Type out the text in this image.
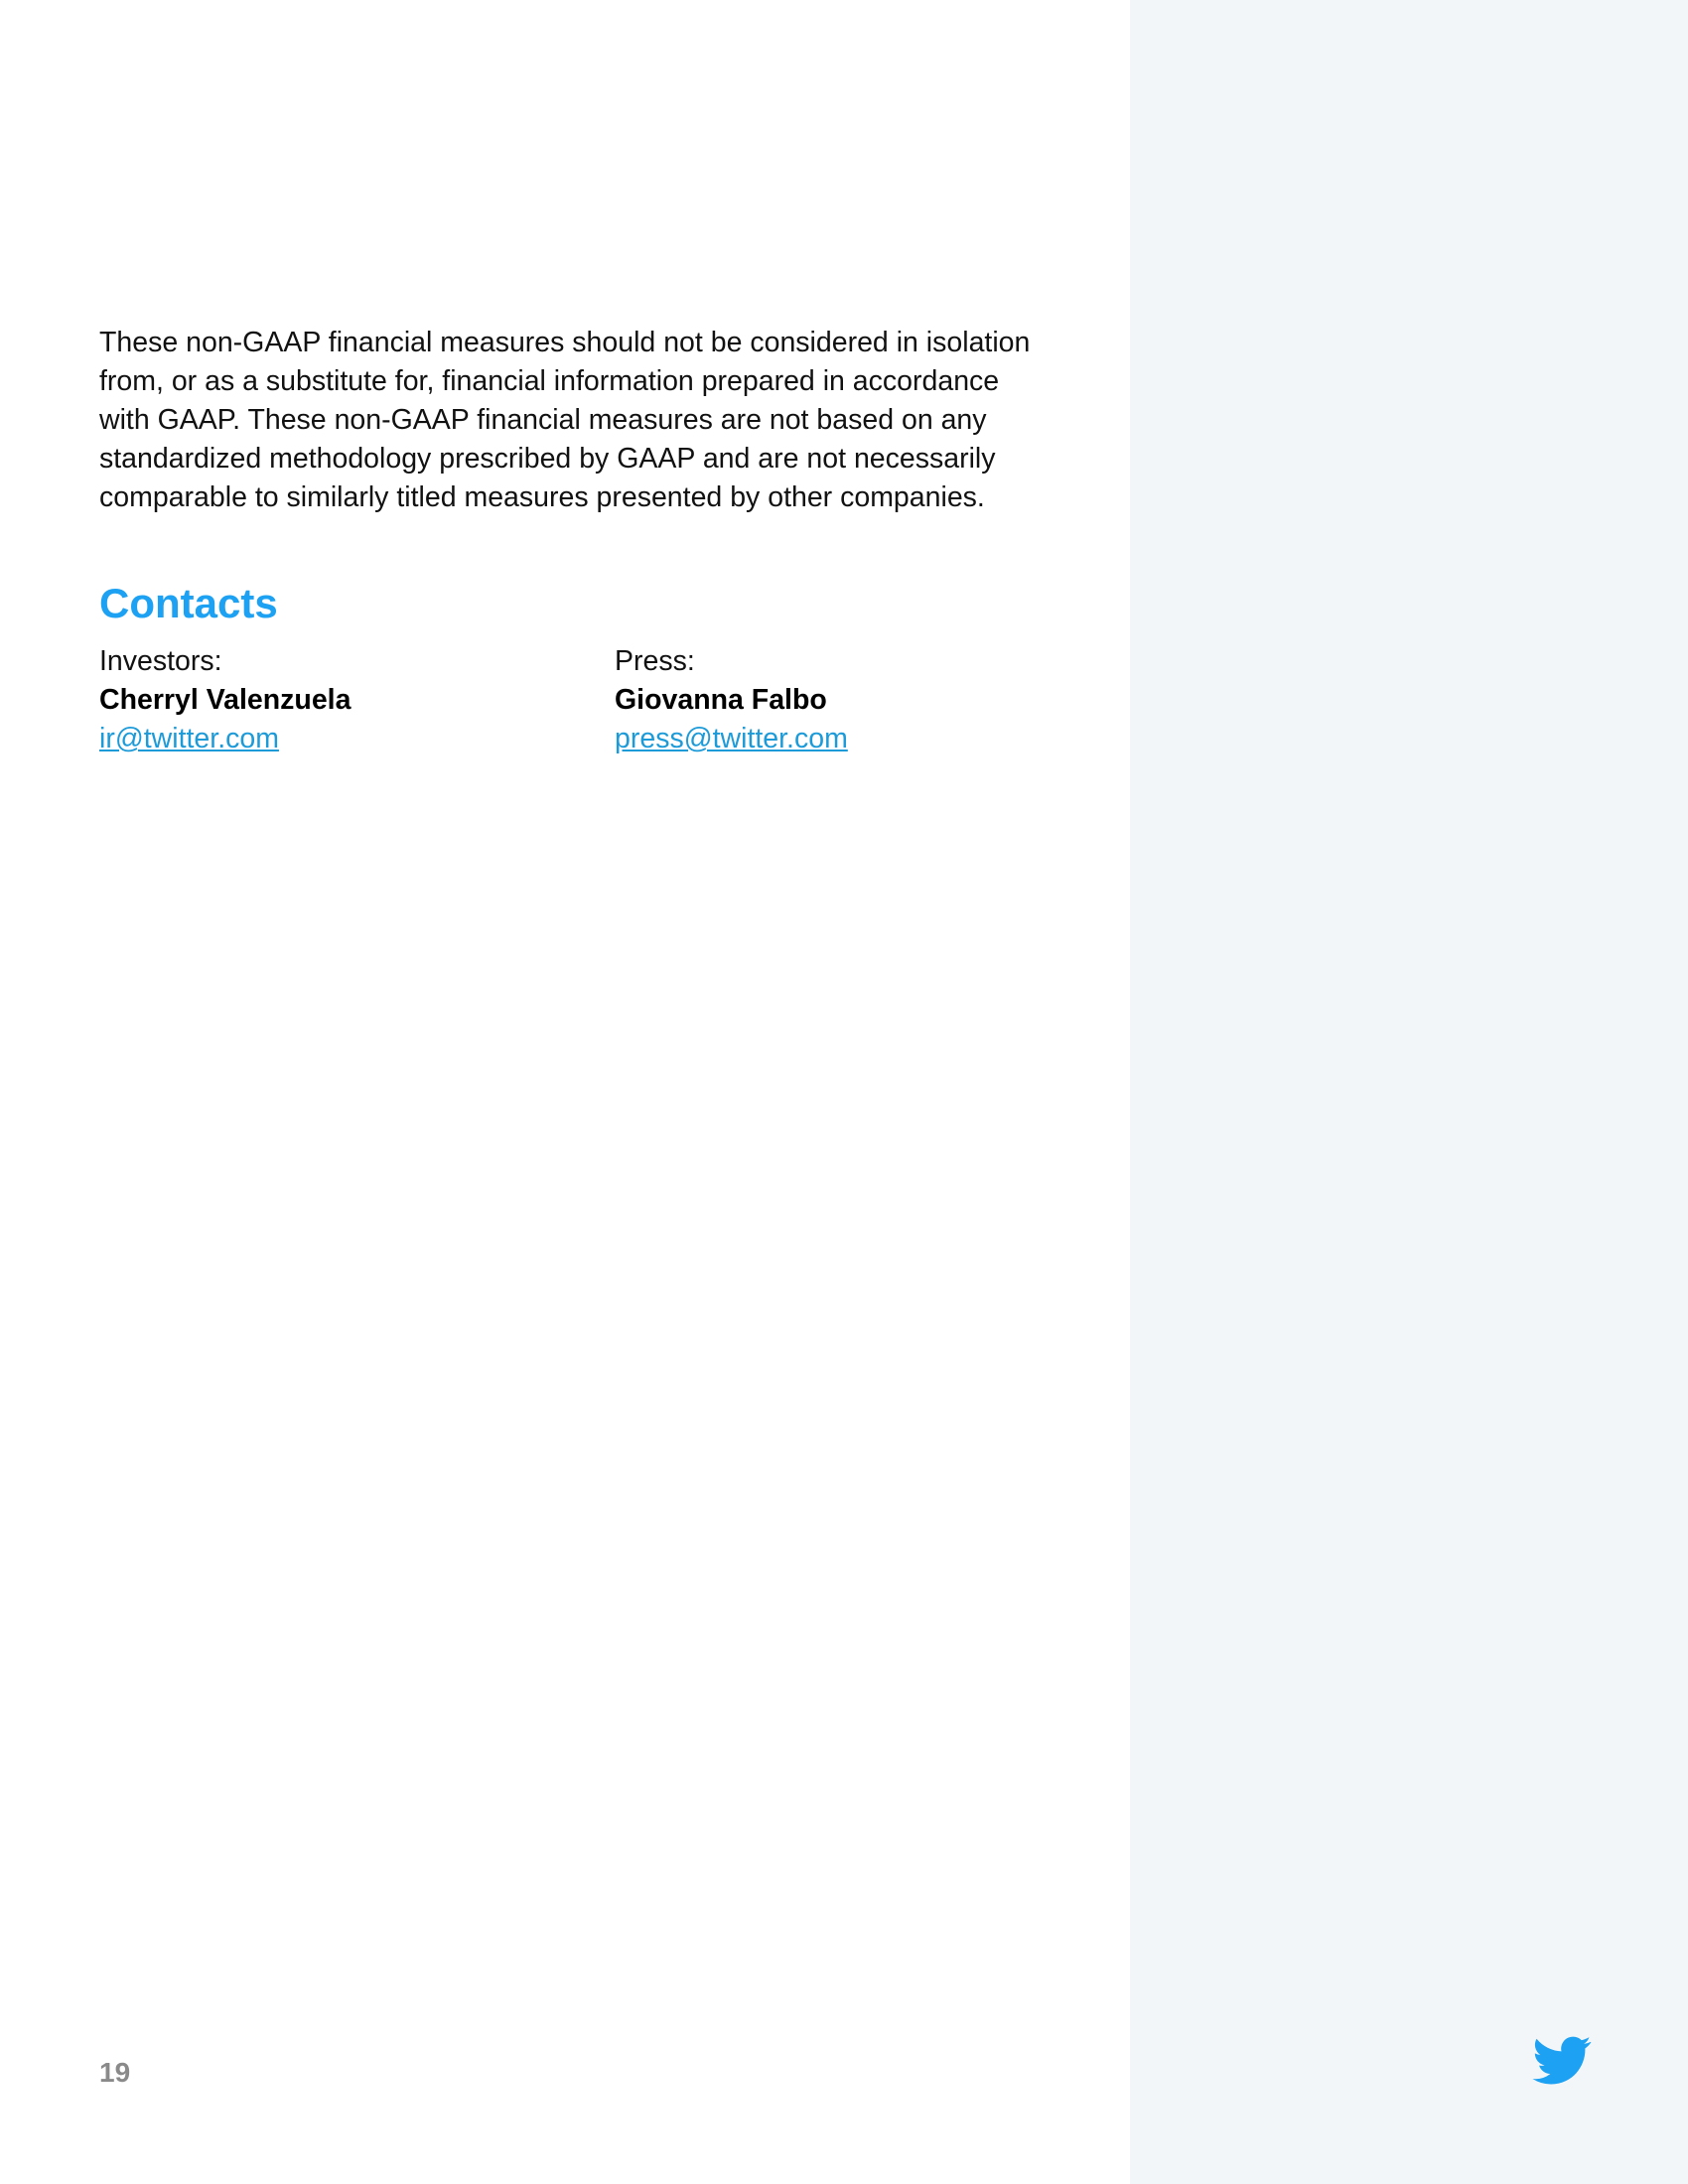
These non-GAAP financial measures should not be considered in isolation from, or as a substitute for, financial information prepared in accordance with GAAP. These non-GAAP financial measures are not based on any standardized methodology prescribed by GAAP and are not necessarily comparable to similarly titled measures presented by other companies.

Contacts
Investors:
Cherryl Valenzuela
ir@twitter.com
Press:
Giovanna Falbo
press@twitter.com
19
